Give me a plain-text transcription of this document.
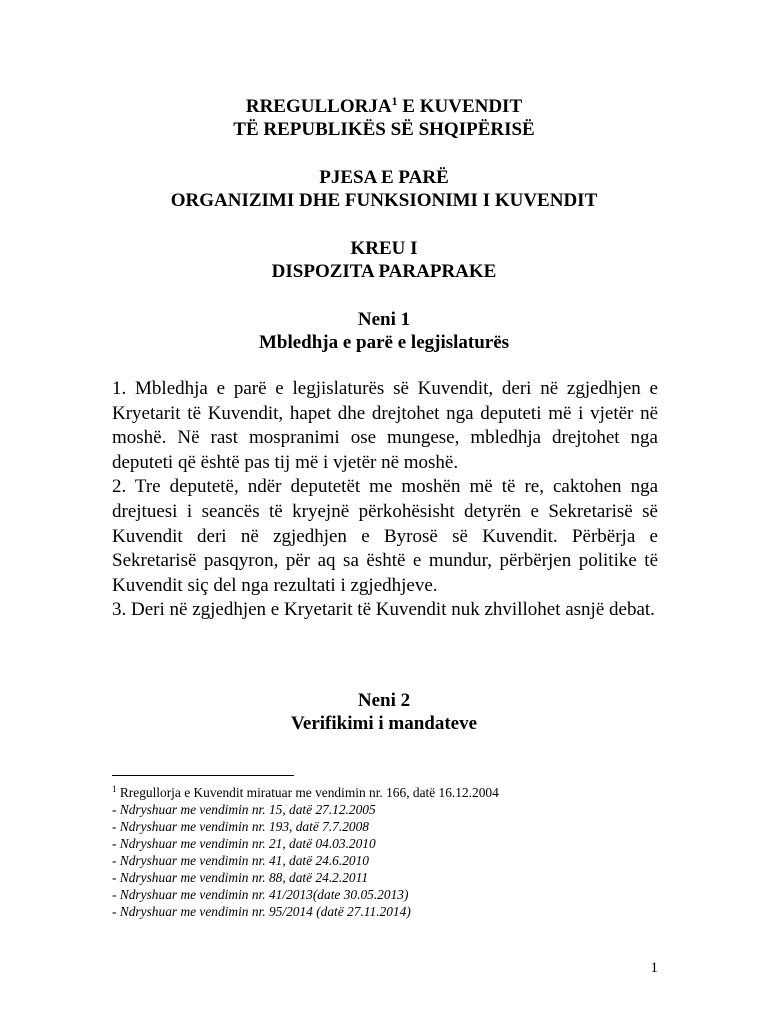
RREGULLORJA$^1$ E KUVENDIT
TË REPUBLIKËS SË SHQIPËRISË
PJESA E PARË
ORGANIZIMI DHE FUNKSIONIMI I KUVENDIT
KREU I
DISPOZITA PARAPRAKE
Neni 1
Mbledhja e parë e legjislaturës

1. Mbledhja e parë e legjislaturës së Kuvendit, deri në zgjedhjen e Kryetarit të Kuvendit, hapet dhe drejtohet nga deputeti më i vjetër në moshë. Në rast mospranimi ose mungese, mbledhja drejtohet nga deputeti që është pas tij më i vjetër në moshë.

2. Tre deputetë, ndër deputetët me moshën më të re, caktohen nga drejtuesi i seancës të kryejnë përkohësisht detyrën e Sekretarisë së Kuvendit deri në zgjedhjen e Byrosë së Kuvendit. Përbërja e Sekretarisë pasqyron, për aq sa është e mundur, përbërjen politike të Kuvendit siç del nga rezultati i zgjedhjeve.

3. Deri në zgjedhjen e Kryetarit të Kuvendit nuk zhvillohet asnjë debat.

Neni 2
Verifikimi i mandateve
$^1$ Rregullorja e Kuvendit miratuar me vendimin nr. 166, datë 16.12.2004
- Ndryshuar me vendimin nr. 15, datë 27.12.2005
- Ndryshuar me vendimin nr. 193, datë 7.7.2008
- Ndryshuar me vendimin nr. 21, datë 04.03.2010
- Ndryshuar me vendimin nr. 41, datë 24.6.2010
- Ndryshuar me vendimin nr. 88, datë 24.2.2011
- Ndryshuar me vendimin nr. 41/2013(date 30.05.2013)
- Ndryshuar me vendimin nr. 95/2014 (datë 27.11.2014)
1
